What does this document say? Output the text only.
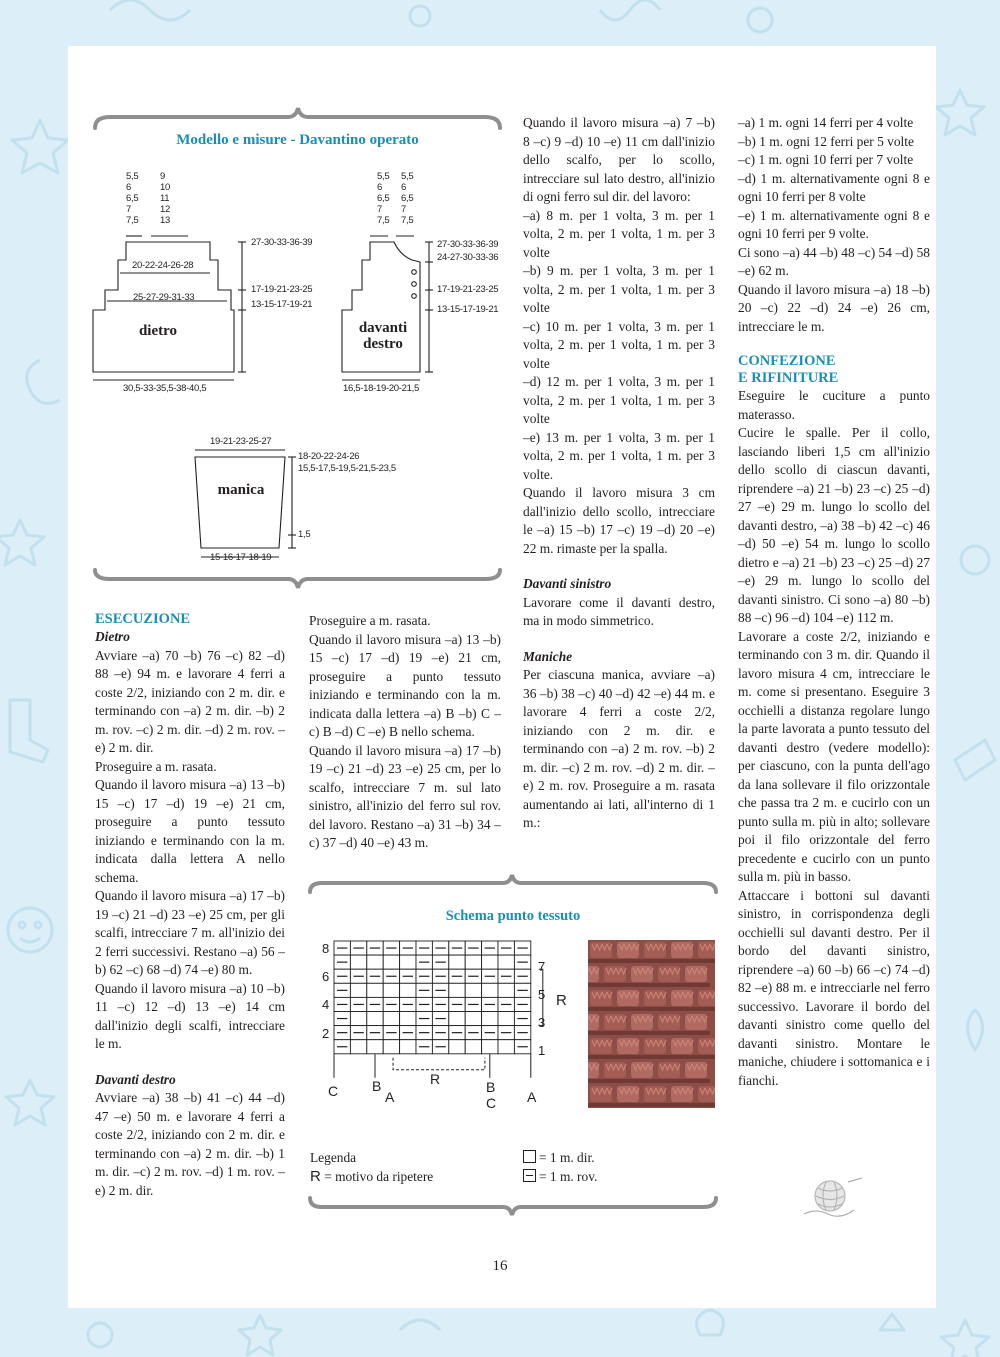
Modello e misure - Davantino operato
5,5
6
6,5
7
7,5
9
10
11
12
13
20-22-24-26-28
25-27-29-31-33
dietro
27-30-33-36-39
17-19-21-23-25
13-15-17-19-21
30,5-33-35,5-38-40,5
5,5
6
6,5
7
7,5
5,5
6
6,5
7
7,5
davanti
destro
27-30-33-36-39
24-27-30-33-36
17-19-21-23-25
13-15-17-19-21
16,5-18-19-20-21,5
19-21-23-25-27
manica
18-20-22-24-26
15,5-17,5-19,5-21,5-23,5
1,5
15-16-17-18-19

ESECUZIONE

Dietro

Avviare –a) 70 –b) 76 –c) 82 –d) 88 –e) 94 m. e lavorare 4 ferri a coste 2/2, iniziando con 2 m. dir. e terminando con –a) 2 m. dir. –b) 2 m. rov. –c) 2 m. dir. –d) 2 m. rov. –e) 2 m. dir.

Proseguire a m. rasata.

Quando il lavoro misura –a) 13 –b) 15 –c) 17 –d) 19 –e) 21 cm, proseguire a punto tessuto iniziando e terminando con la m. indicata dalla lettera A nello schema.

Quando il lavoro misura –a) 17 –b) 19 –c) 21 –d) 23 –e) 25 cm, per gli scalfi, intrecciare 7 m. all'inizio dei 2 ferri successivi. Restano –a) 56 –b) 62 –c) 68 –d) 74 –e) 80 m.

Quando il lavoro misura –a) 10 –b) 11 –c) 12 –d) 13 –e) 14 cm dall'inizio degli scalfi, intrecciare le m.

Davanti destro

Avviare –a) 38 –b) 41 –c) 44 –d) 47 –e) 50 m. e lavorare 4 ferri a coste 2/2, iniziando con 2 m. dir. e terminando con –a) 2 m. dir. –b) 1 m. dir. –c) 2 m. rov. –d) 1 m. rov. –e) 2 m. dir.

Proseguire a m. rasata.

Quando il lavoro misura –a) 13 –b) 15 –c) 17 –d) 19 –e) 21 cm, proseguire a punto tessuto iniziando e terminando con la m. indicata dalla lettera –a) B –b) C –c) B –d) C –e) B nello schema.

Quando il lavoro misura –a) 17 –b) 19 –c) 21 –d) 23 –e) 25 cm, per lo scalfo, intrecciare 7 m. sul lato sinistro, all'inizio del ferro sul rov. del lavoro. Restano –a) 31 –b) 34 –c) 37 –d) 40 –e) 43 m.

Quando il lavoro misura –a) 7 –b) 8 –c) 9 –d) 10 –e) 11 cm dall'inizio dello scalfo, per lo scollo, intrecciare sul lato destro, all'inizio di ogni ferro sul dir. del lavoro:

–a) 8 m. per 1 volta, 3 m. per 1 volta, 2 m. per 1 volta, 1 m. per 3 volte

–b) 9 m. per 1 volta, 3 m. per 1 volta, 2 m. per 1 volta, 1 m. per 3 volte

–c) 10 m. per 1 volta, 3 m. per 1 volta, 2 m. per 1 volta, 1 m. per 3 volte

–d) 12 m. per 1 volta, 3 m. per 1 volta, 2 m. per 1 volta, 1 m. per 3 volte

–e) 13 m. per 1 volta, 3 m. per 1 volta, 2 m. per 1 volta, 1 m. per 3 volte.

Quando il lavoro misura 3 cm dall'inizio dello scollo, intrecciare le –a) 15 –b) 17 –c) 19 –d) 20 –e) 22 m. rimaste per la spalla.

Davanti sinistro

Lavorare come il davanti destro, ma in modo simmetrico.

Maniche

Per ciascuna manica, avviare –a) 36 –b) 38 –c) 40 –d) 42 –e) 44 m. e lavorare 4 ferri a coste 2/2, iniziando con 2 m. dir. e terminando con –a) 2 m. rov. –b) 2 m. dir. –c) 2 m. rov. –d) 2 m. dir. –e) 2 m. rov. Proseguire a m. rasata aumentando ai lati, all'interno di 1 m.:

–a) 1 m. ogni 14 ferri per 4 volte

–b) 1 m. ogni 12 ferri per 5 volte

–c) 1 m. ogni 10 ferri per 7 volte

–d) 1 m. alternativamente ogni 8 e ogni 10 ferri per 8 volte

–e) 1 m. alternativamente ogni 8 e ogni 10 ferri per 9 volte.

Ci sono –a) 44 –b) 48 –c) 54 –d) 58 –e) 62 m.

Quando il lavoro misura –a) 18 –b) 20 –c) 22 –d) 24 –e) 26 cm, intrecciare le m.

CONFEZIONE
E RIFINITURE

Eseguire le cuciture a punto materasso.

Cucire le spalle. Per il collo, lasciando liberi 1,5 cm all'inizio dello scollo di ciascun davanti, riprendere –a) 21 –b) 23 –c) 25 –d) 27 –e) 29 m. lungo lo scollo del davanti destro, –a) 38 –b) 42 –c) 46 –d) 50 –e) 54 m. lungo lo scollo dietro e –a) 21 –b) 23 –c) 25 –d) 27 –e) 29 m. lungo lo scollo del davanti sinistro. Ci sono –a) 80 –b) 88 –c) 96 –d) 104 –e) 112 m.

Lavorare a coste 2/2, iniziando e terminando con 3 m. dir. Quando il lavoro misura 4 cm, intrecciare le m. come si presentano. Eseguire 3 occhielli a distanza regolare lungo la parte lavorata a punto tessuto del davanti destro (vedere modello): per ciascuno, con la punta dell'ago da lana sollevare il filo orizzontale che passa tra 2 m. e cucirlo con un punto sulla m. più in alto; sollevare poi il filo orizzontale del ferro precedente e cucirlo con un punto sulla m. più in basso.

Attaccare i bottoni sul davanti sinistro, in corrispondenza degli occhielli sul davanti destro. Per il bordo del davanti sinistro, riprendere –a) 60 –b) 66 –c) 74 –d) 82 –e) 88 m. e intrecciarle nel ferro successivo. Lavorare il bordo del davanti sinistro come quello del davanti sinistro. Montare le maniche, chiudere i sottomanica e i fianchi.

Schema punto tessuto
8
6
4
2
7
5
3
1
R
R
C B
A
B
C A
Legenda
R = motivo da ripetere
= 1 m. dir.
= 1 m. rov.
16
